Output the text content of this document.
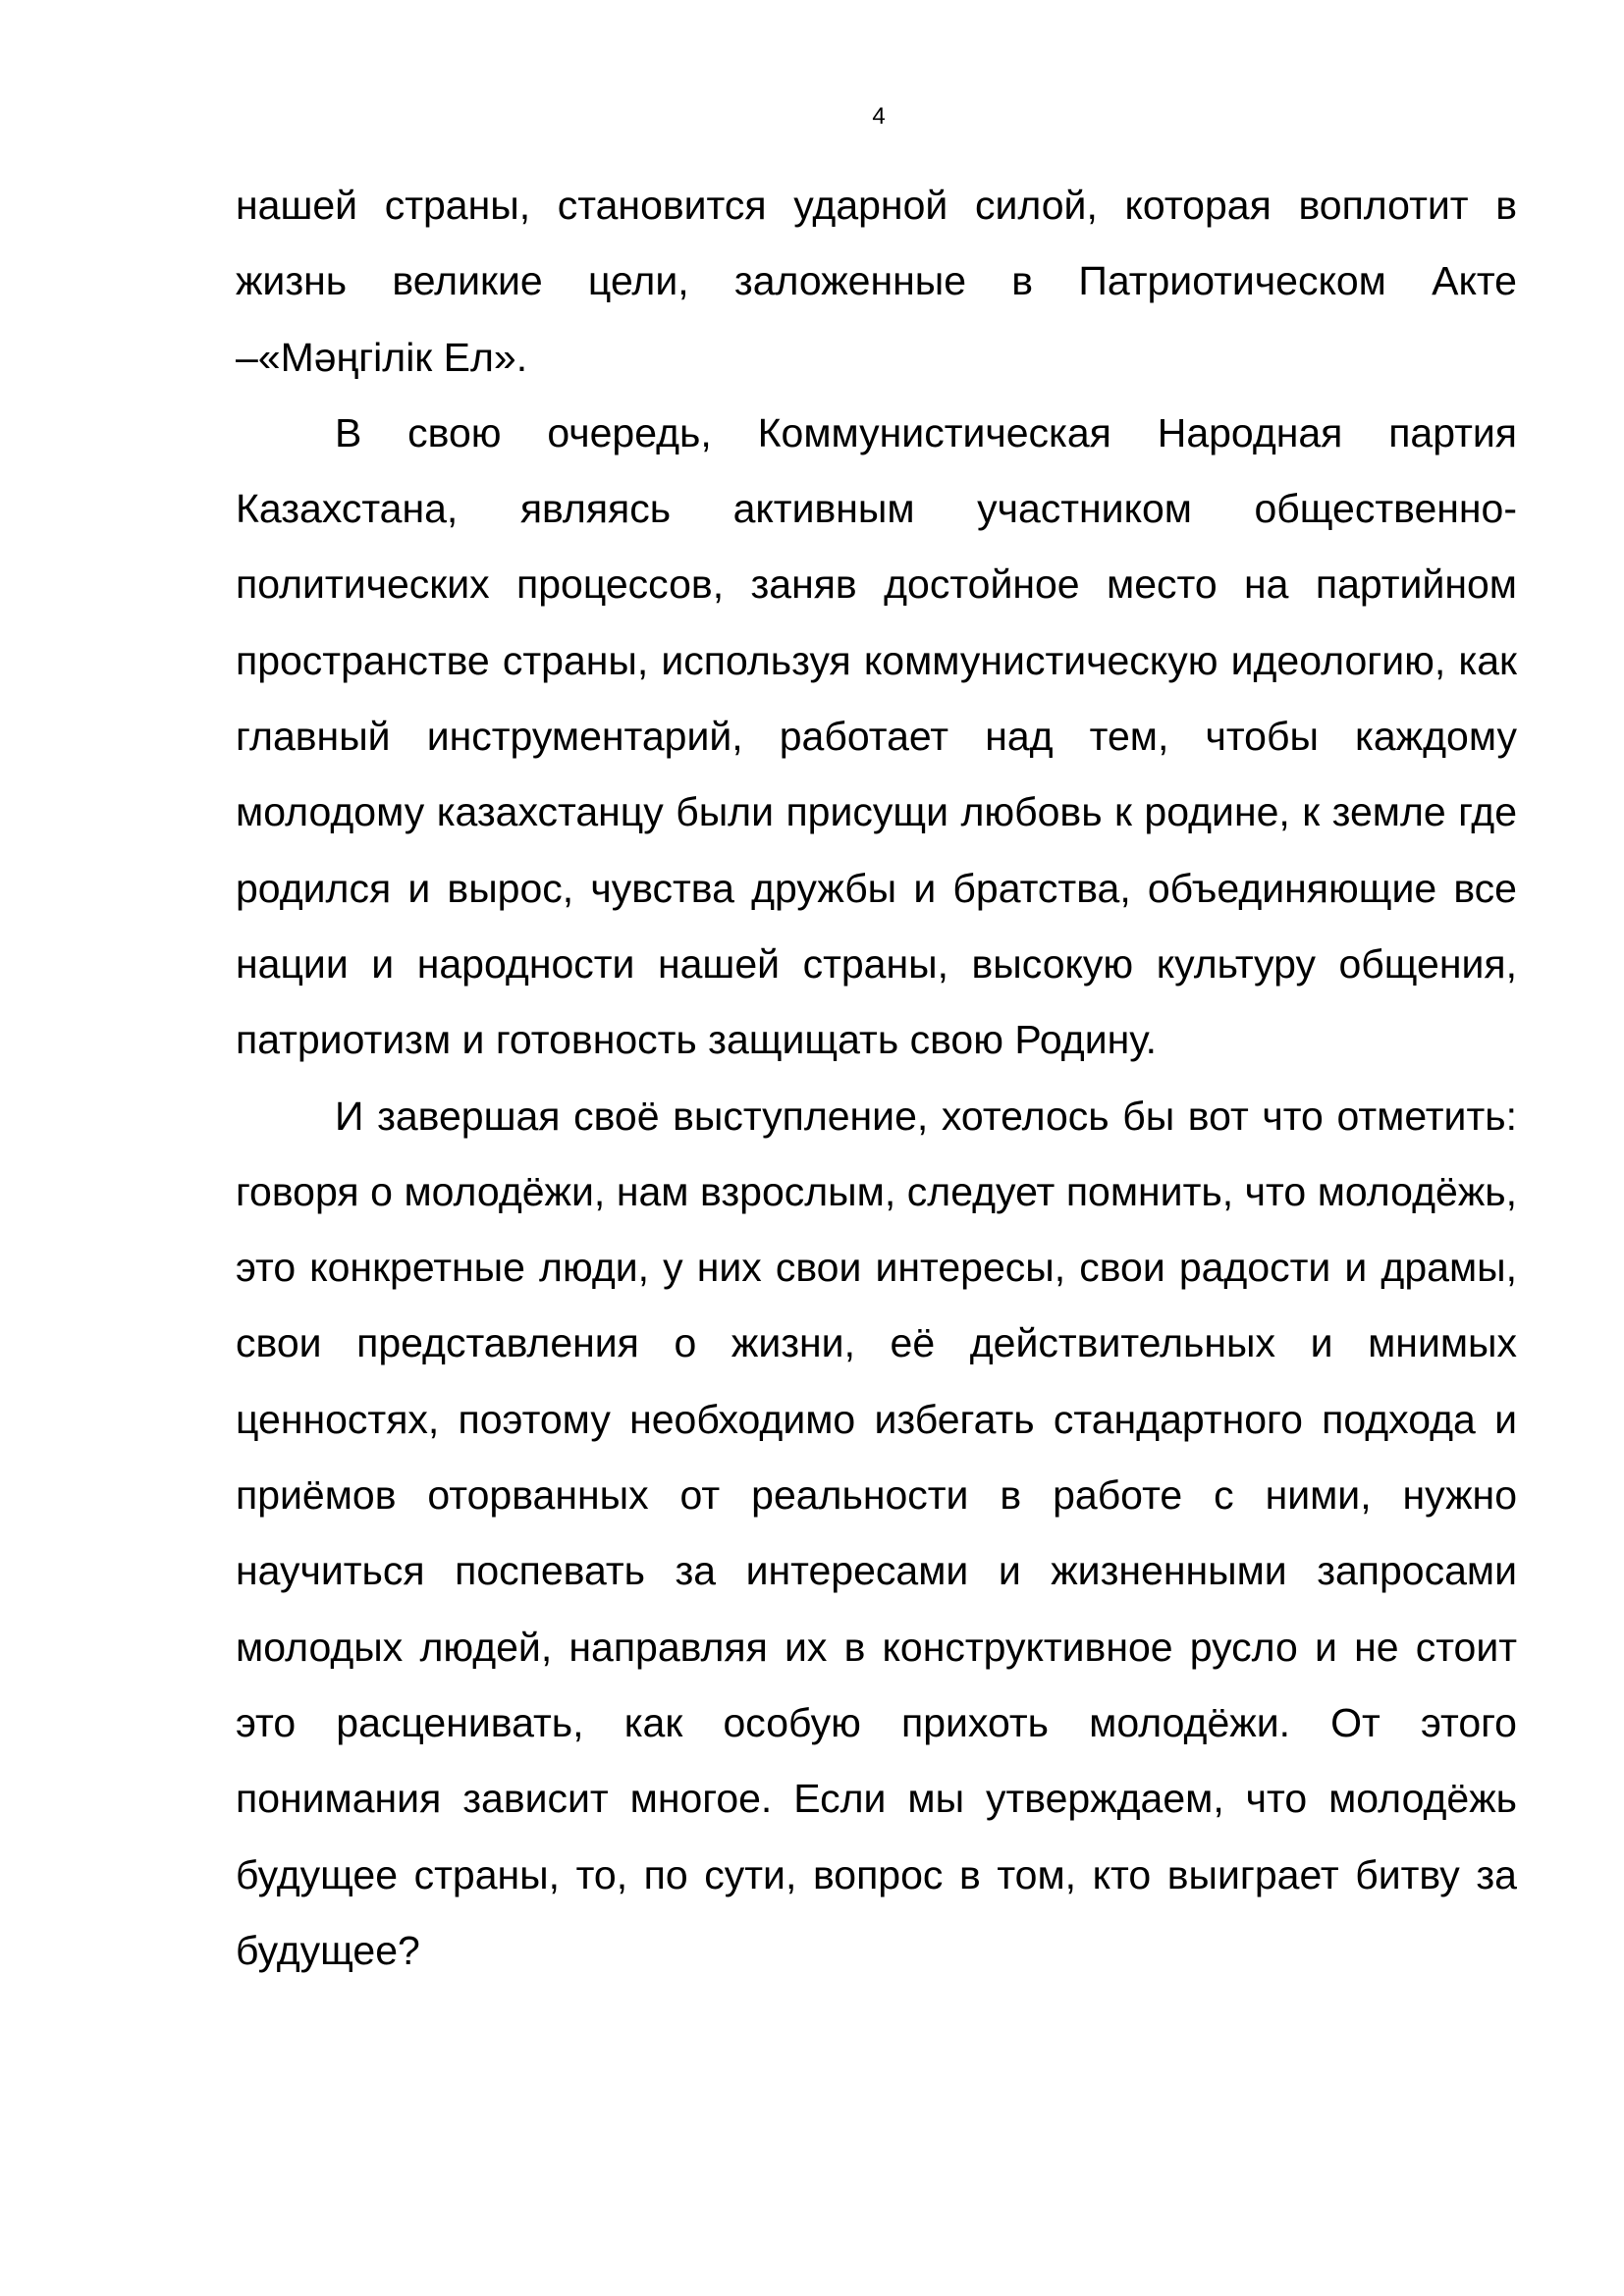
4

нашей страны, становится ударной силой, которая воплотит в жизнь великие цели, заложенные в Патриотическом Акте –«Мәңгілік Ел».

В свою очередь, Коммунистическая Народная партия Казахстана, являясь активным участником общественно-политических процессов, заняв достойное место на партийном пространстве страны, используя коммунистическую идеологию, как главный инструментарий, работает над тем, чтобы каждому молодому казахстанцу были присущи любовь к родине, к земле где родился и вырос, чувства дружбы и братства, объединяющие все нации и народности нашей страны, высокую культуру общения, патриотизм и готовность защищать свою Родину.

И завершая своё выступление, хотелось бы вот что отметить: говоря о молодёжи, нам взрослым, следует помнить, что молодёжь, это конкретные люди, у них свои интересы, свои радости и драмы, свои представления о жизни, её действительных и мнимых ценностях, поэтому необходимо избегать стандартного подхода и приёмов оторванных от реальности в работе с ними, нужно научиться поспевать за интересами и жизненными запросами молодых людей, направляя их в конструктивное русло и не стоит это расценивать, как особую прихоть молодёжи. От этого понимания зависит многое. Если мы утверждаем, что молодёжь будущее страны, то, по сути, вопрос в том, кто выиграет битву за будущее?
